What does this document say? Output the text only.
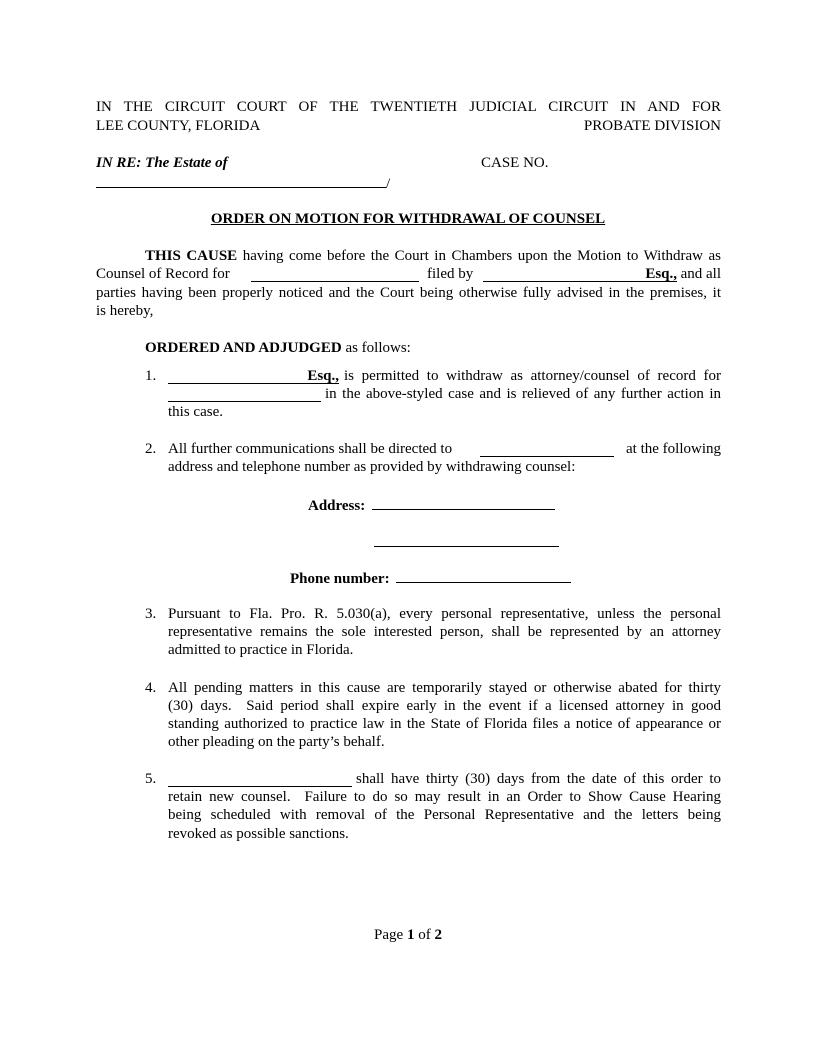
IN THE CIRCUIT COURT OF THE TWENTIETH JUDICIAL CIRCUIT IN AND FOR
LEE COUNTY, FLORIDA	PROBATE DIVISION
IN RE: The Estate of	CASE NO.
/
ORDER ON MOTION FOR WITHDRAWAL OF COUNSEL
THIS CAUSE having come before the Court in Chambers upon the Motion to Withdraw as
Counsel of Record for	filed by	Esq., and all
parties having been properly noticed and the Court being otherwise fully advised in the premises, it
is hereby,
ORDERED AND ADJUDGED as follows:
1.	Esq., is permitted to withdraw as attorney/counsel of record for
in the above-styled case and is relieved of any further action in
this case.
2. All further communications shall be directed to	at the following
address and telephone number as provided by withdrawing counsel:
Address:
Phone number:
3. Pursuant to Fla. Pro. R. 5.030(a), every personal representative, unless the personal
representative remains the sole interested person, shall be represented by an attorney
admitted to practice in Florida.
4. All pending matters in this cause are temporarily stayed or otherwise abated for thirty
(30) days.  Said period shall expire early in the event if a licensed attorney in good
standing authorized to practice law in the State of Florida files a notice of appearance or
other pleading on the party’s behalf.
5.	shall have thirty (30) days from the date of this order to
retain new counsel.  Failure to do so may result in an Order to Show Cause Hearing
being scheduled with removal of the Personal Representative and the letters being
revoked as possible sanctions.
Page 1 of 2
